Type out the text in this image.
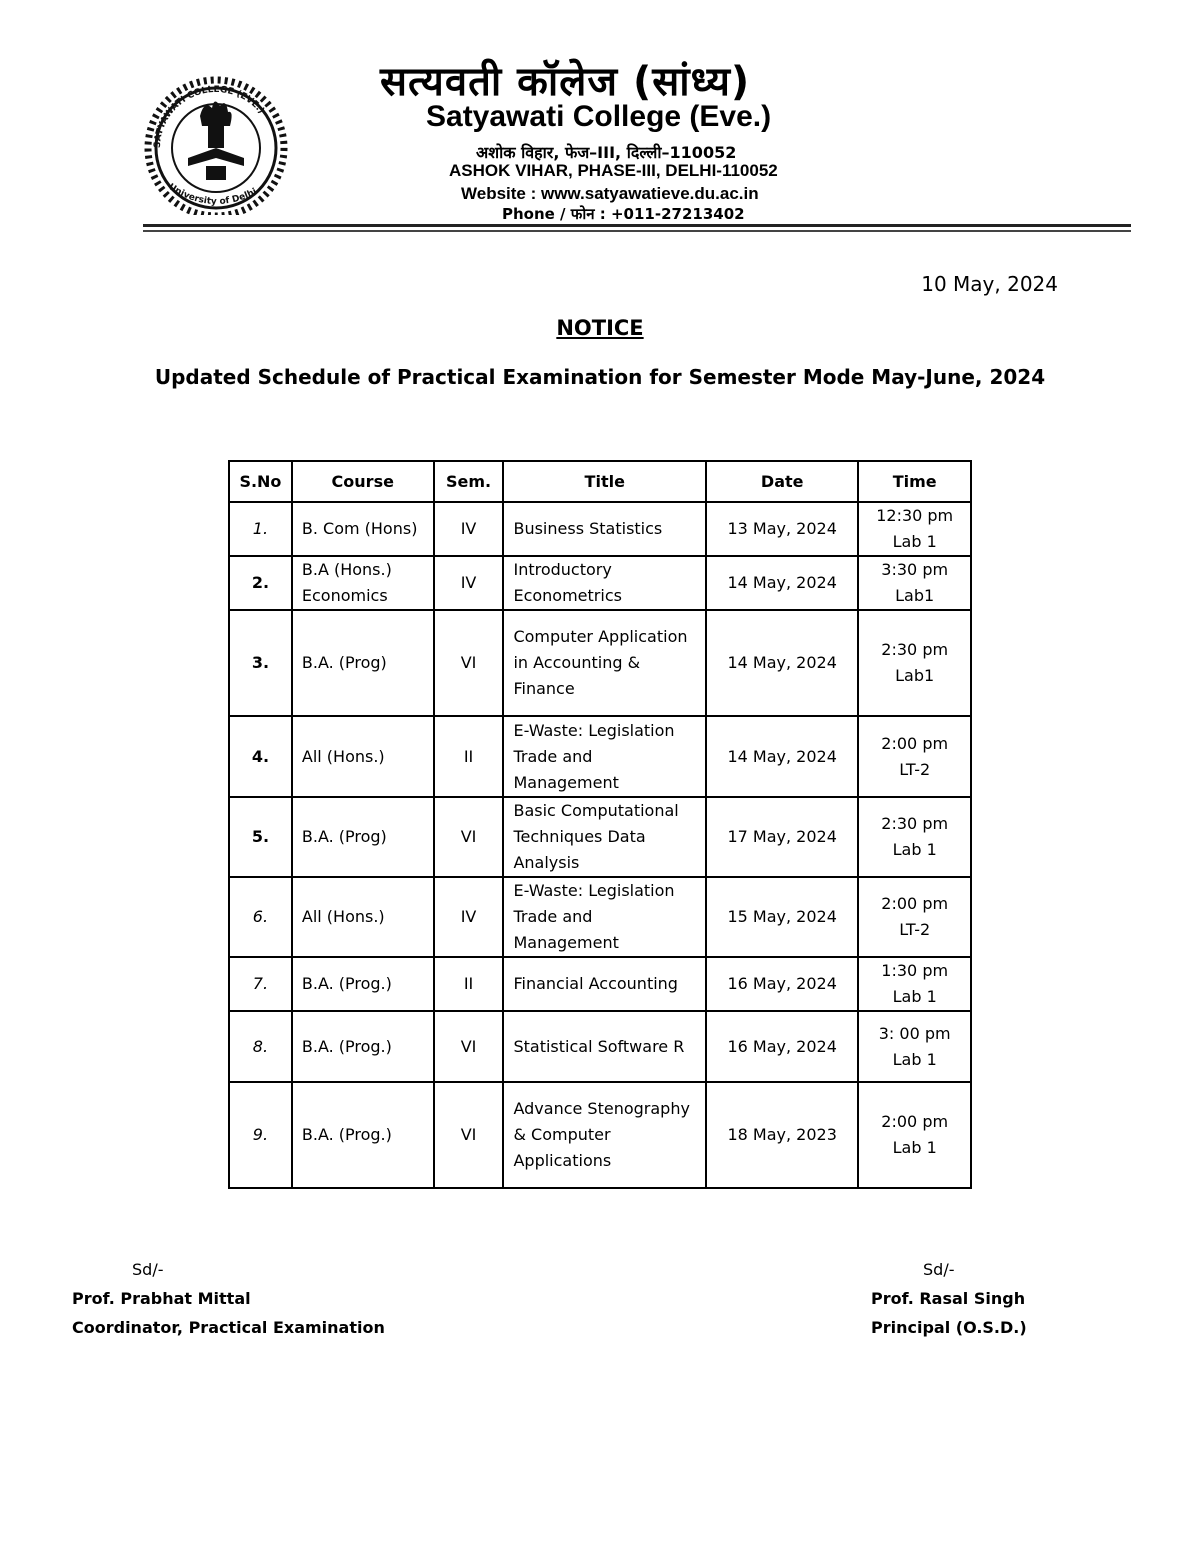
SATYAWATI COLLEGE (EVE.)
University of Delhi
सत्यवती कॉलेज (सांध्य)
Satyawati College (Eve.)
अशोक विहार, फेज–III, दिल्ली–110052
ASHOK VIHAR, PHASE-III, DELHI-110052
Website : www.satyawatieve.du.ac.in
Phone / फोन : +011-27213402
10 May, 2024
NOTICE
Updated Schedule of Practical Examination for Semester Mode May-June, 2024
S.No	Course	Sem.	Title	Date	Time
1.	B. Com (Hons)	IV	Business Statistics	13 May, 2024	12:30 pm
Lab 1

2.	B.A (Hons.) Economics	IV	Introductory Econometrics	14 May, 2024	3:30 pm
Lab1

3.	B.A. (Prog)	VI	Computer Application in Accounting & Finance	14 May, 2024	2:30 pm
Lab1

4.	All (Hons.)	II	E-Waste: Legislation Trade and Management	14 May, 2024	2:00 pm
LT-2

5.	B.A. (Prog)	VI	Basic Computational Techniques Data Analysis	17 May, 2024	2:30 pm
Lab 1

6.	All (Hons.)	IV	E-Waste: Legislation Trade and Management	15 May, 2024	2:00 pm
LT-2

7.	B.A. (Prog.)	II	Financial Accounting	16 May, 2024	1:30 pm
Lab 1

8.	B.A. (Prog.)	VI	Statistical Software R	16 May, 2024	3: 00 pm
Lab 1

9.	B.A. (Prog.)	VI	Advance Stenography & Computer Applications	18 May, 2023	2:00 pm
Lab 1
Sd/-
Prof. Prabhat Mittal
Coordinator, Practical Examination
Sd/-
Prof. Rasal Singh
Principal (O.S.D.)
